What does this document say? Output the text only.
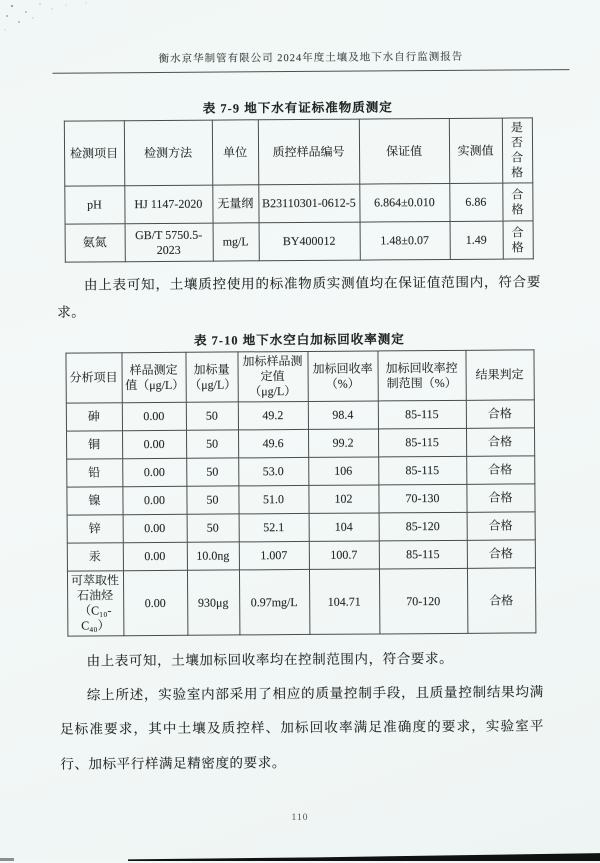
衡水京华制管有限公司 2024年度土壤及地下水自行监测报告
表 7-9 地下水有证标准物质测定
检测项目	检测方法	单位	质控样品编号	保证值	实测值	是否合格
pH	HJ 1147-2020	无量纲	B23110301-0612-5	6.864±0.010	6.86	合格
氨氮	GB/T 5750.5-2023	mg/L	BY400012	1.48±0.07	1.49	合格

由上表可知，土壤质控使用的标准物质实测值均在保证值范围内，符合要求。

表 7-10 地下水空白加标回收率测定
分析项目	样品测定值（μg/L）	加标量（μg/L）	加标样品测定值（μg/L）	加标回收率（%）	加标回收率控制范围（%）	结果判定
砷	0.00	50	49.2	98.4	85-115	合格
铜	0.00	50	49.6	99.2	85-115	合格
铅	0.00	50	53.0	106	85-115	合格
镍	0.00	50	51.0	102	70-130	合格
锌	0.00	50	52.1	104	85-120	合格
汞	0.00	10.0ng	1.007	100.7	85-115	合格
可萃取性石油烃（C₁₀-C₄₀）	0.00	930μg	0.97mg/L	104.71	70-120	合格

由上表可知，土壤加标回收率均在控制范围内，符合要求。

综上所述，实验室内部采用了相应的质量控制手段，且质量控制结果均满足标准要求，其中土壤及质控样、加标回收率满足准确度的要求，实验室平行、加标平行样满足精密度的要求。

110
